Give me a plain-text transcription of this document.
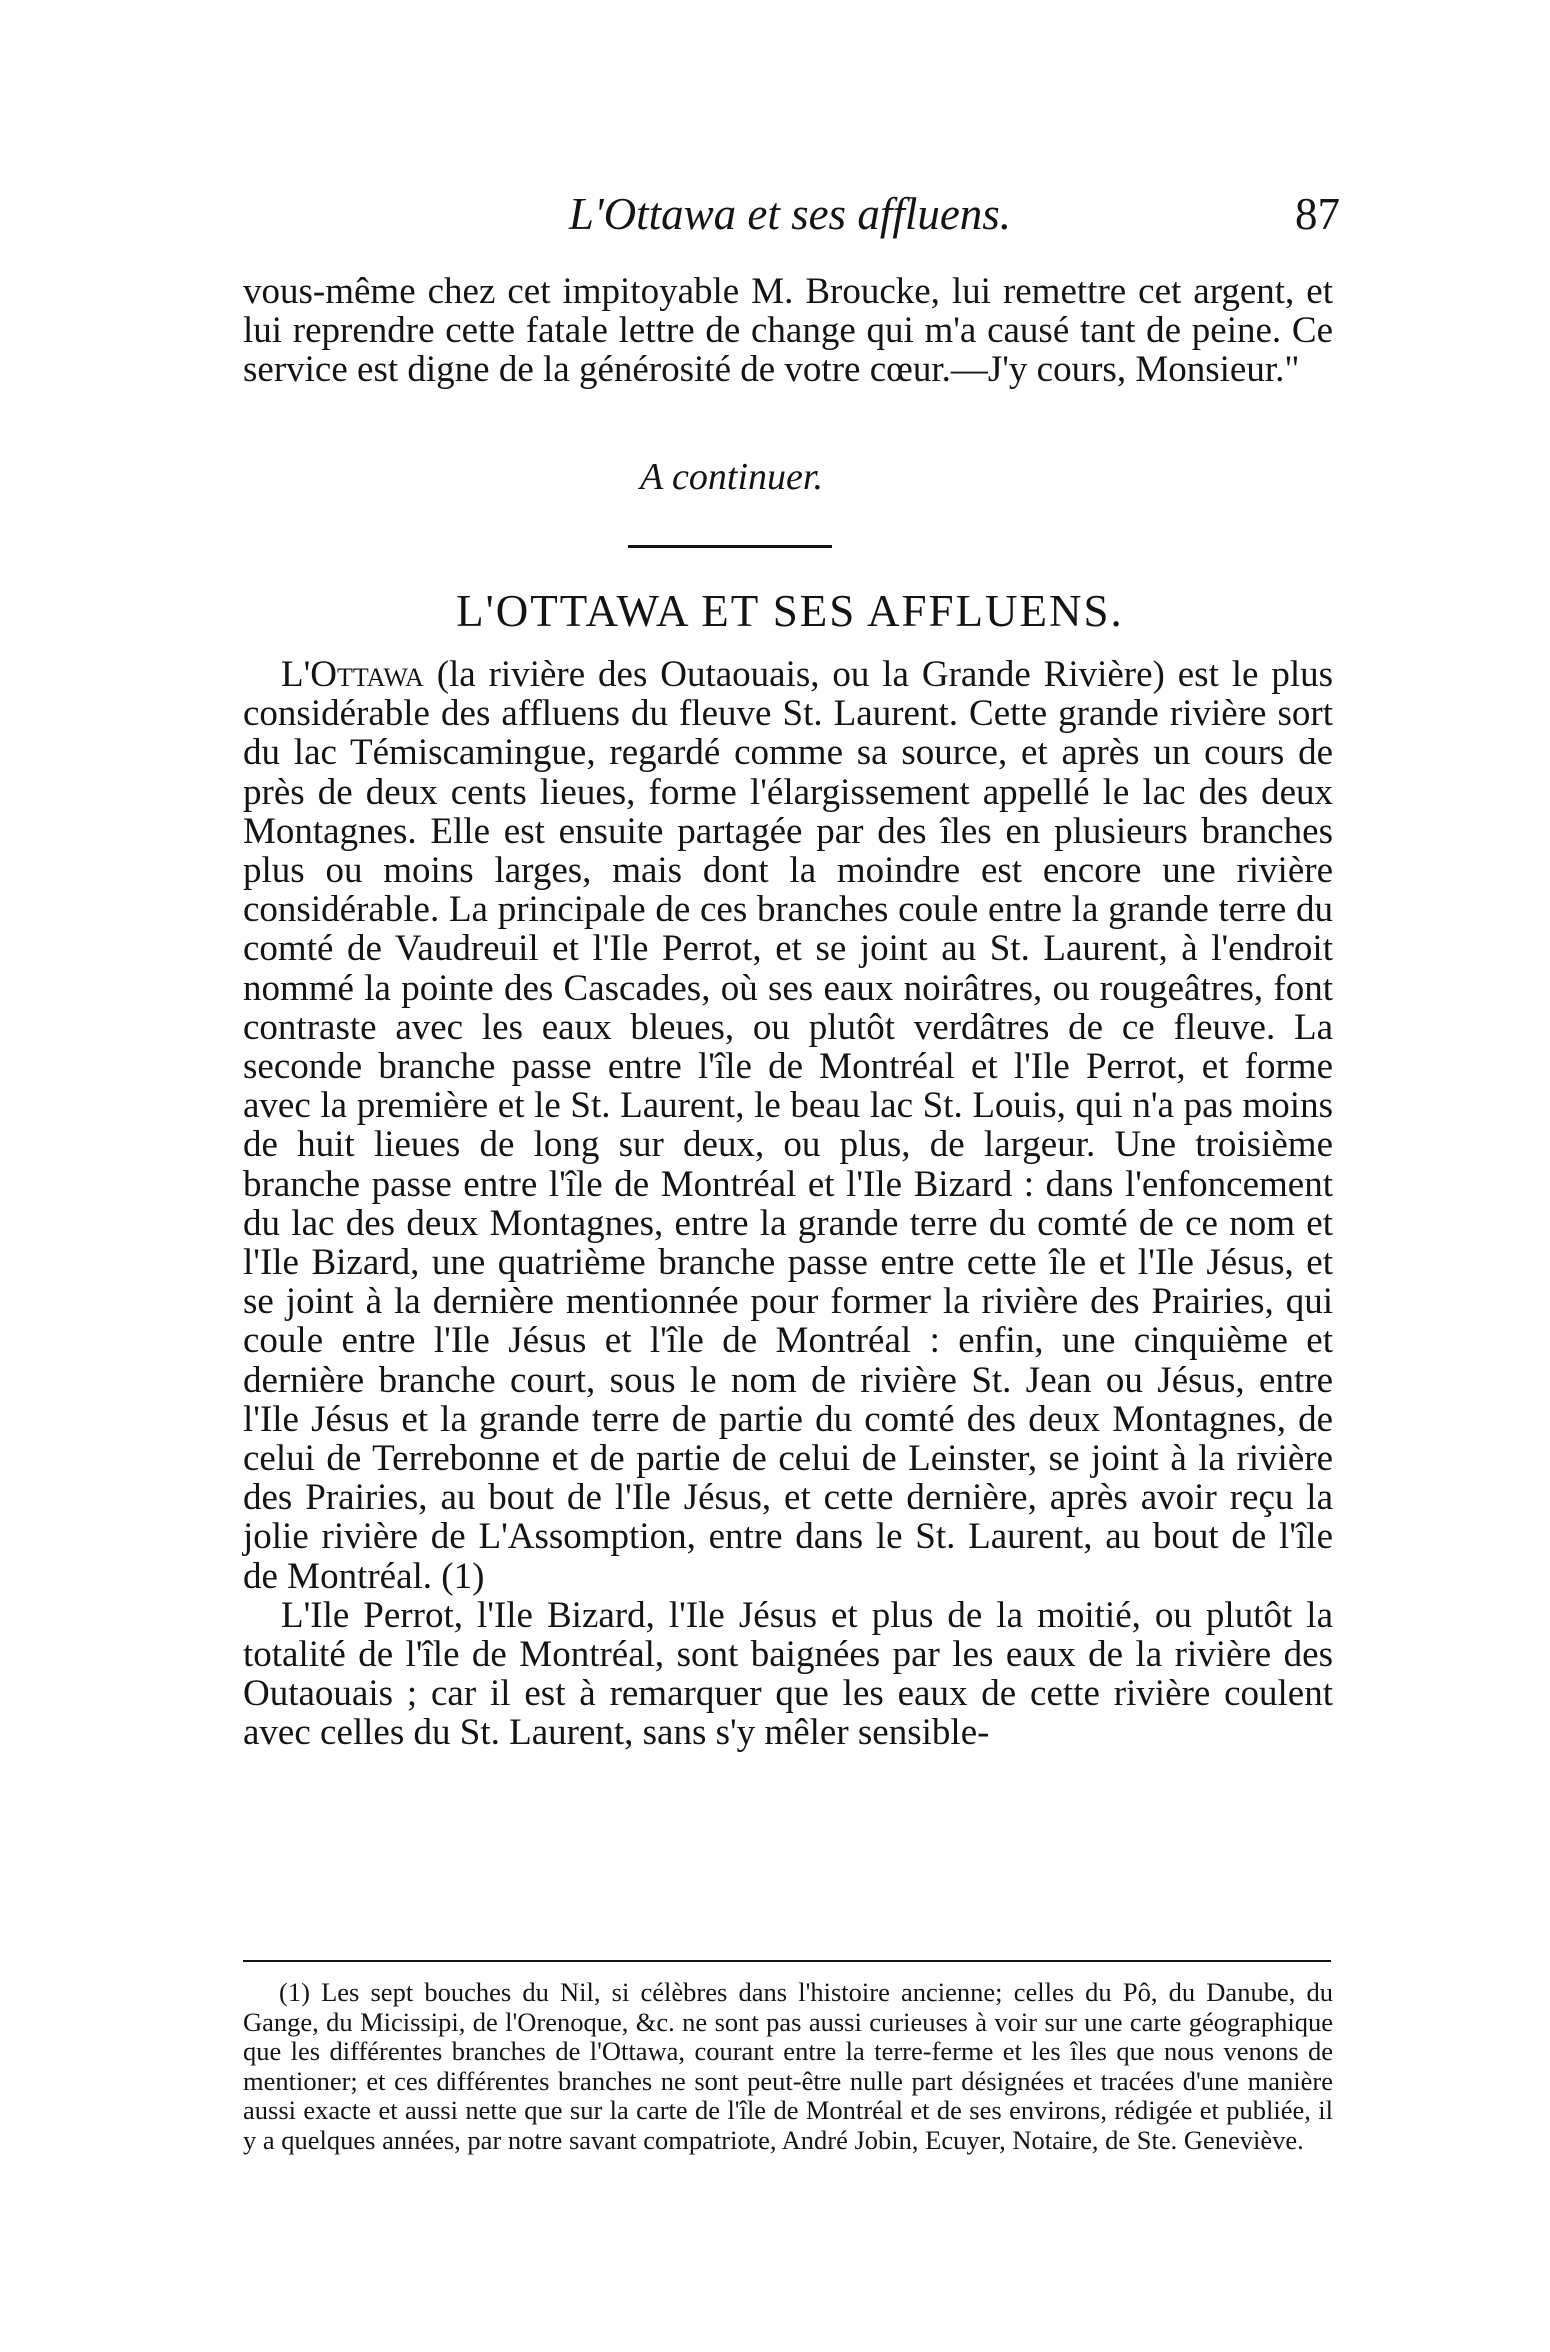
L'Ottawa et ses affluens.	87

vous-même chez cet impitoyable M. Broucke, lui remettre cet argent, et lui reprendre cette fatale lettre de change qui m'a causé tant de peine. Ce service est digne de la générosité de votre cœur.—J'y cours, Monsieur."

A continuer.
L'OTTAWA ET SES AFFLUENS.

L'Ottawa (la rivière des Outaouais, ou la Grande Rivière) est le plus considérable des affluens du fleuve St. Laurent. Cette grande rivière sort du lac Témiscamingue, regardé comme sa source, et après un cours de près de deux cents lieues, forme l'élargissement appellé le lac des deux Montagnes. Elle est ensuite partagée par des îles en plusieurs branches plus ou moins larges, mais dont la moindre est encore une rivière considérable. La principale de ces branches coule entre la grande terre du comté de Vaudreuil et l'Ile Perrot, et se joint au St. Laurent, à l'endroit nommé la pointe des Cascades, où ses eaux noirâtres, ou rougeâtres, font contraste avec les eaux bleues, ou plutôt verdâtres de ce fleuve. La seconde branche passe entre l'île de Montréal et l'Ile Perrot, et forme avec la première et le St. Laurent, le beau lac St. Louis, qui n'a pas moins de huit lieues de long sur deux, ou plus, de largeur. Une troisième branche passe entre l'île de Montréal et l'Ile Bizard : dans l'enfoncement du lac des deux Montagnes, entre la grande terre du comté de ce nom et l'Ile Bizard, une quatrième branche passe entre cette île et l'Ile Jésus, et se joint à la dernière mentionnée pour former la rivière des Prairies, qui coule entre l'Ile Jésus et l'île de Montréal : enfin, une cinquième et dernière branche court, sous le nom de rivière St. Jean ou Jésus, entre l'Ile Jésus et la grande terre de partie du comté des deux Montagnes, de celui de Terrebonne et de partie de celui de Leinster, se joint à la rivière des Prairies, au bout de l'Ile Jésus, et cette dernière, après avoir reçu la jolie rivière de L'Assomption, entre dans le St. Laurent, au bout de l'île de Montréal. (1)

L'Ile Perrot, l'Ile Bizard, l'Ile Jésus et plus de la moitié, ou plutôt la totalité de l'île de Montréal, sont baignées par les eaux de la rivière des Outaouais ; car il est à remarquer que les eaux de cette rivière coulent avec celles du St. Laurent, sans s'y mêler sensible-

(1) Les sept bouches du Nil, si célèbres dans l'histoire ancienne; celles du Pô, du Danube, du Gange, du Micissipi, de l'Orenoque, &c. ne sont pas aussi curieuses à voir sur une carte géographique que les différentes branches de l'Ottawa, courant entre la terre-ferme et les îles que nous venons de mentioner; et ces différentes branches ne sont peut-être nulle part désignées et tracées d'une manière aussi exacte et aussi nette que sur la carte de l'île de Montréal et de ses environs, rédigée et publiée, il y a quelques années, par notre savant compatriote, André Jobin, Ecuyer, Notaire, de Ste. Geneviève.
